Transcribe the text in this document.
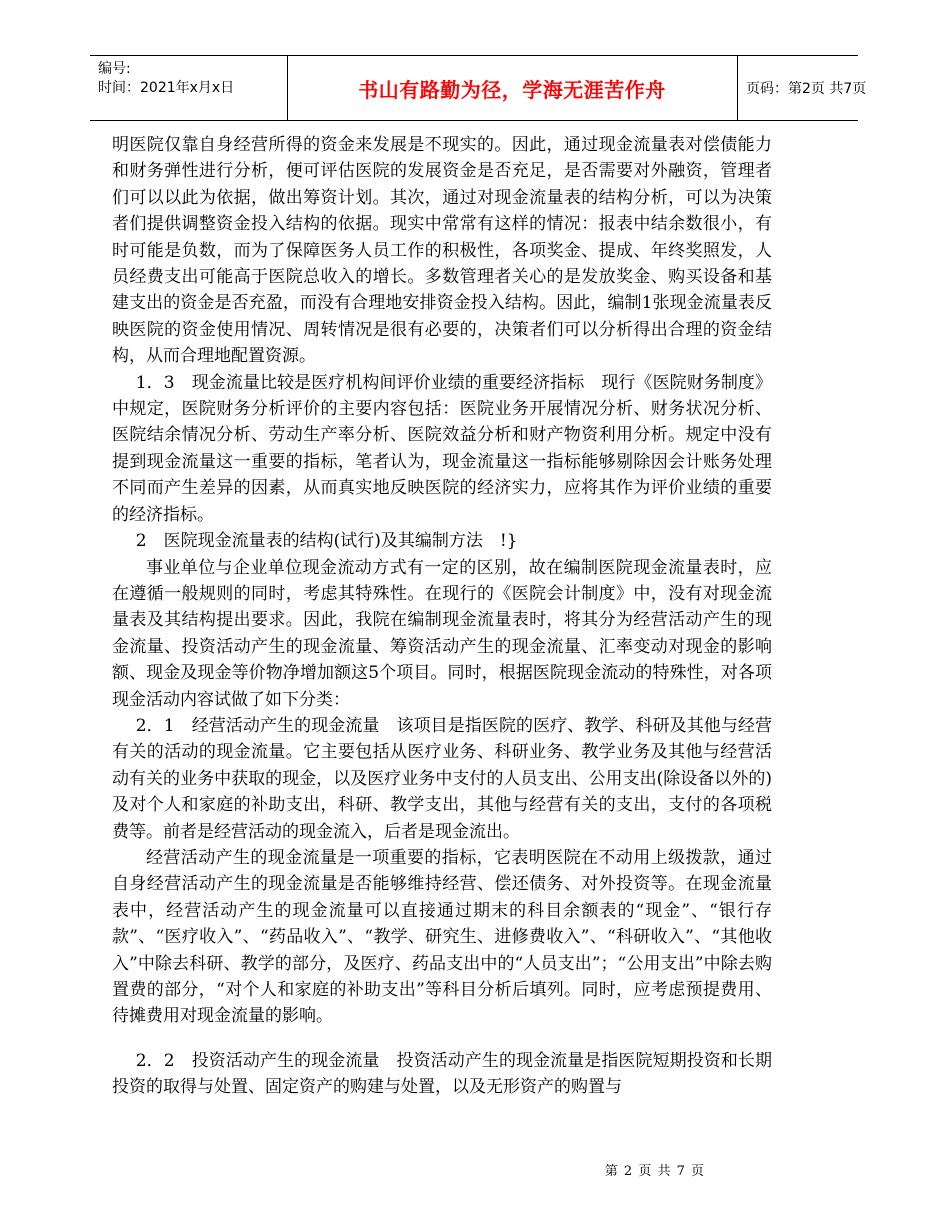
编号:
时间：2021年x月x日	书山有路勤为径，学海无涯苦作舟	页码：第2页 共7页

明医院仅靠自身经营所得的资金来发展是不现实的。因此，通过现金流量表对偿债能力和财务弹性进行分析，便可评估医院的发展资金是否充足，是否需要对外融资，管理者们可以以此为依据，做出筹资计划。其次，通过对现金流量表的结构分析，可以为决策者们提供调整资金投入结构的依据。现实中常常有这样的情况：报表中结余数很小，有时可能是负数，而为了保障医务人员工作的积极性，各项奖金、提成、年终奖照发，人员经费支出可能高于医院总收入的增长。多数管理者关心的是发放奖金、购买设备和基建支出的资金是否充盈，而没有合理地安排资金投入结构。因此，编制1张现金流量表反映医院的资金使用情况、周转情况是很有必要的，决策者们可以分析得出合理的资金结构，从而合理地配置资源。

1．3　现金流量比较是医疗机构间评价业绩的重要经济指标　现行《医院财务制度》中规定，医院财务分析评价的主要内容包括：医院业务开展情况分析、财务状况分析、医院结余情况分析、劳动生产率分析、医院效益分析和财产物资利用分析。规定中没有提到现金流量这一重要的指标，笔者认为，现金流量这一指标能够剔除因会计账务处理不同而产生差异的因素，从而真实地反映医院的经济实力，应将其作为评价业绩的重要的经济指标。

2　医院现金流量表的结构(试行)及其编制方法　!}

事业单位与企业单位现金流动方式有一定的区别，故在编制医院现金流量表时，应在遵循一般规则的同时，考虑其特殊性。在现行的《医院会计制度》中，没有对现金流量表及其结构提出要求。因此，我院在编制现金流量表时，将其分为经营活动产生的现金流量、投资活动产生的现金流量、筹资活动产生的现金流量、汇率变动对现金的影响额、现金及现金等价物净增加额这5个项目。同时，根据医院现金流动的特殊性，对各项现金活动内容试做了如下分类：

2．1　经营活动产生的现金流量　该项目是指医院的医疗、教学、科研及其他与经营有关的活动的现金流量。它主要包括从医疗业务、科研业务、教学业务及其他与经营活动有关的业务中获取的现金，以及医疗业务中支付的人员支出、公用支出(除设备以外的)及对个人和家庭的补助支出，科研、教学支出，其他与经营有关的支出，支付的各项税费等。前者是经营活动的现金流入，后者是现金流出。

经营活动产生的现金流量是一项重要的指标，它表明医院在不动用上级拨款，通过自身经营活动产生的现金流量是否能够维持经营、偿还债务、对外投资等。在现金流量表中，经营活动产生的现金流量可以直接通过期末的科目余额表的“现金”、“银行存款”、“医疗收入”、“药品收入”、“教学、研究生、进修费收入”、“科研收入”、“其他收入”中除去科研、教学的部分，及医疗、药品支出中的“人员支出”；“公用支出”中除去购置费的部分，“对个人和家庭的补助支出”等科目分析后填列。同时，应考虑预提费用、待摊费用对现金流量的影响。

2．2　投资活动产生的现金流量　投资活动产生的现金流量是指医院短期投资和长期投资的取得与处置、固定资产的购建与处置，以及无形资产的购置与

第 2 页 共 7 页
